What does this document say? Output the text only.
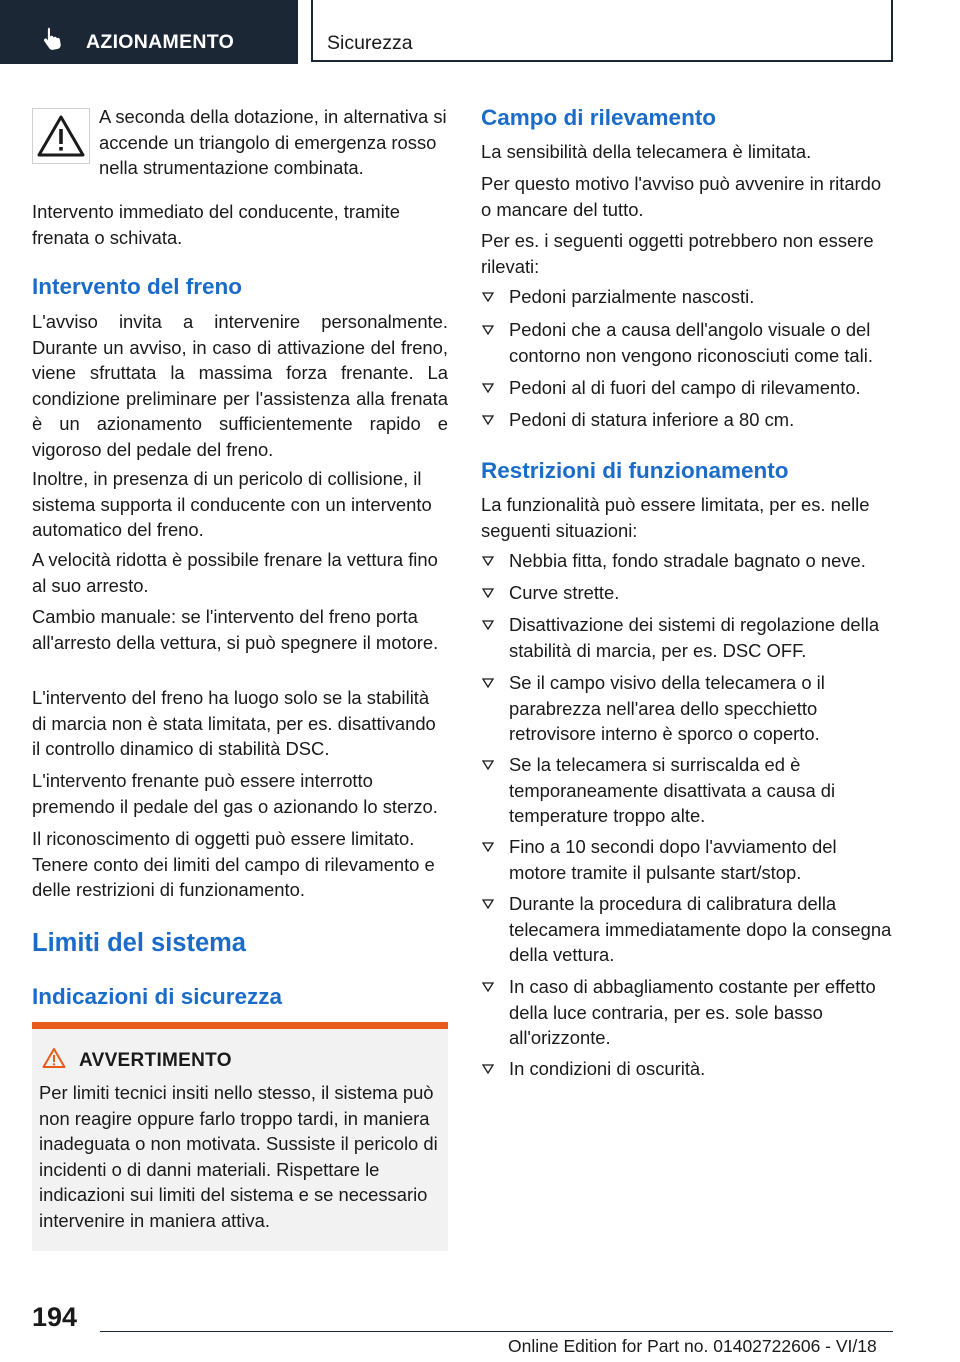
AZIONAMENTO	Sicurezza

A seconda della dotazione, in alternativa si accende un triangolo di emergenza rosso nella strumentazione combinata.

Intervento immediato del conducente, tramite frenata o schivata.

Intervento del freno

L'avviso invita a intervenire personalmente. Durante un avviso, in caso di attivazione del freno, viene sfruttata la massima forza frenante. La condizione preliminare per l'assistenza alla frenata è un azionamento sufficientemente rapido e vigoroso del pedale del freno.

Inoltre, in presenza di un pericolo di collisione, il sistema supporta il conducente con un intervento automatico del freno.

A velocità ridotta è possibile frenare la vettura fino al suo arresto.

Cambio manuale: se l'intervento del freno porta all'arresto della vettura, si può spegnere il motore.

L'intervento del freno ha luogo solo se la stabilità di marcia non è stata limitata, per es. disattivando il controllo dinamico di stabilità DSC.

L'intervento frenante può essere interrotto premendo il pedale del gas o azionando lo sterzo.

Il riconoscimento di oggetti può essere limitato. Tenere conto dei limiti del campo di rilevamento e delle restrizioni di funzionamento.

Limiti del sistema
Indicazioni di sicurezza
AVVERTIMENTO

Per limiti tecnici insiti nello stesso, il sistema può non reagire oppure farlo troppo tardi, in maniera inadeguata o non motivata. Sussiste il pericolo di incidenti o di danni materiali. Rispettare le indicazioni sui limiti del sistema e se necessario intervenire in maniera attiva.

Campo di rilevamento

La sensibilità della telecamera è limitata.

Per questo motivo l'avviso può avvenire in ritardo o mancare del tutto.

Per es. i seguenti oggetti potrebbero non essere rilevati:

Pedoni parzialmente nascosti.
Pedoni che a causa dell'angolo visuale o del contorno non vengono riconosciuti come tali.
Pedoni al di fuori del campo di rilevamento.
Pedoni di statura inferiore a 80 cm.
Restrizioni di funzionamento

La funzionalità può essere limitata, per es. nelle seguenti situazioni:

Nebbia fitta, fondo stradale bagnato o neve.
Curve strette.
Disattivazione dei sistemi di regolazione della stabilità di marcia, per es. DSC OFF.
Se il campo visivo della telecamera o il parabrezza nell'area dello specchietto retrovisore interno è sporco o coperto.
Se la telecamera si surriscalda ed è temporaneamente disattivata a causa di temperature troppo alte.
Fino a 10 secondi dopo l'avviamento del motore tramite il pulsante start/stop.
Durante la procedura di calibratura della telecamera immediatamente dopo la consegna della vettura.
In caso di abbagliamento costante per effetto della luce contraria, per es. sole basso all'orizzonte.
In condizioni di oscurità.
194
Online Edition for Part no. 01402722606 - VI/18
